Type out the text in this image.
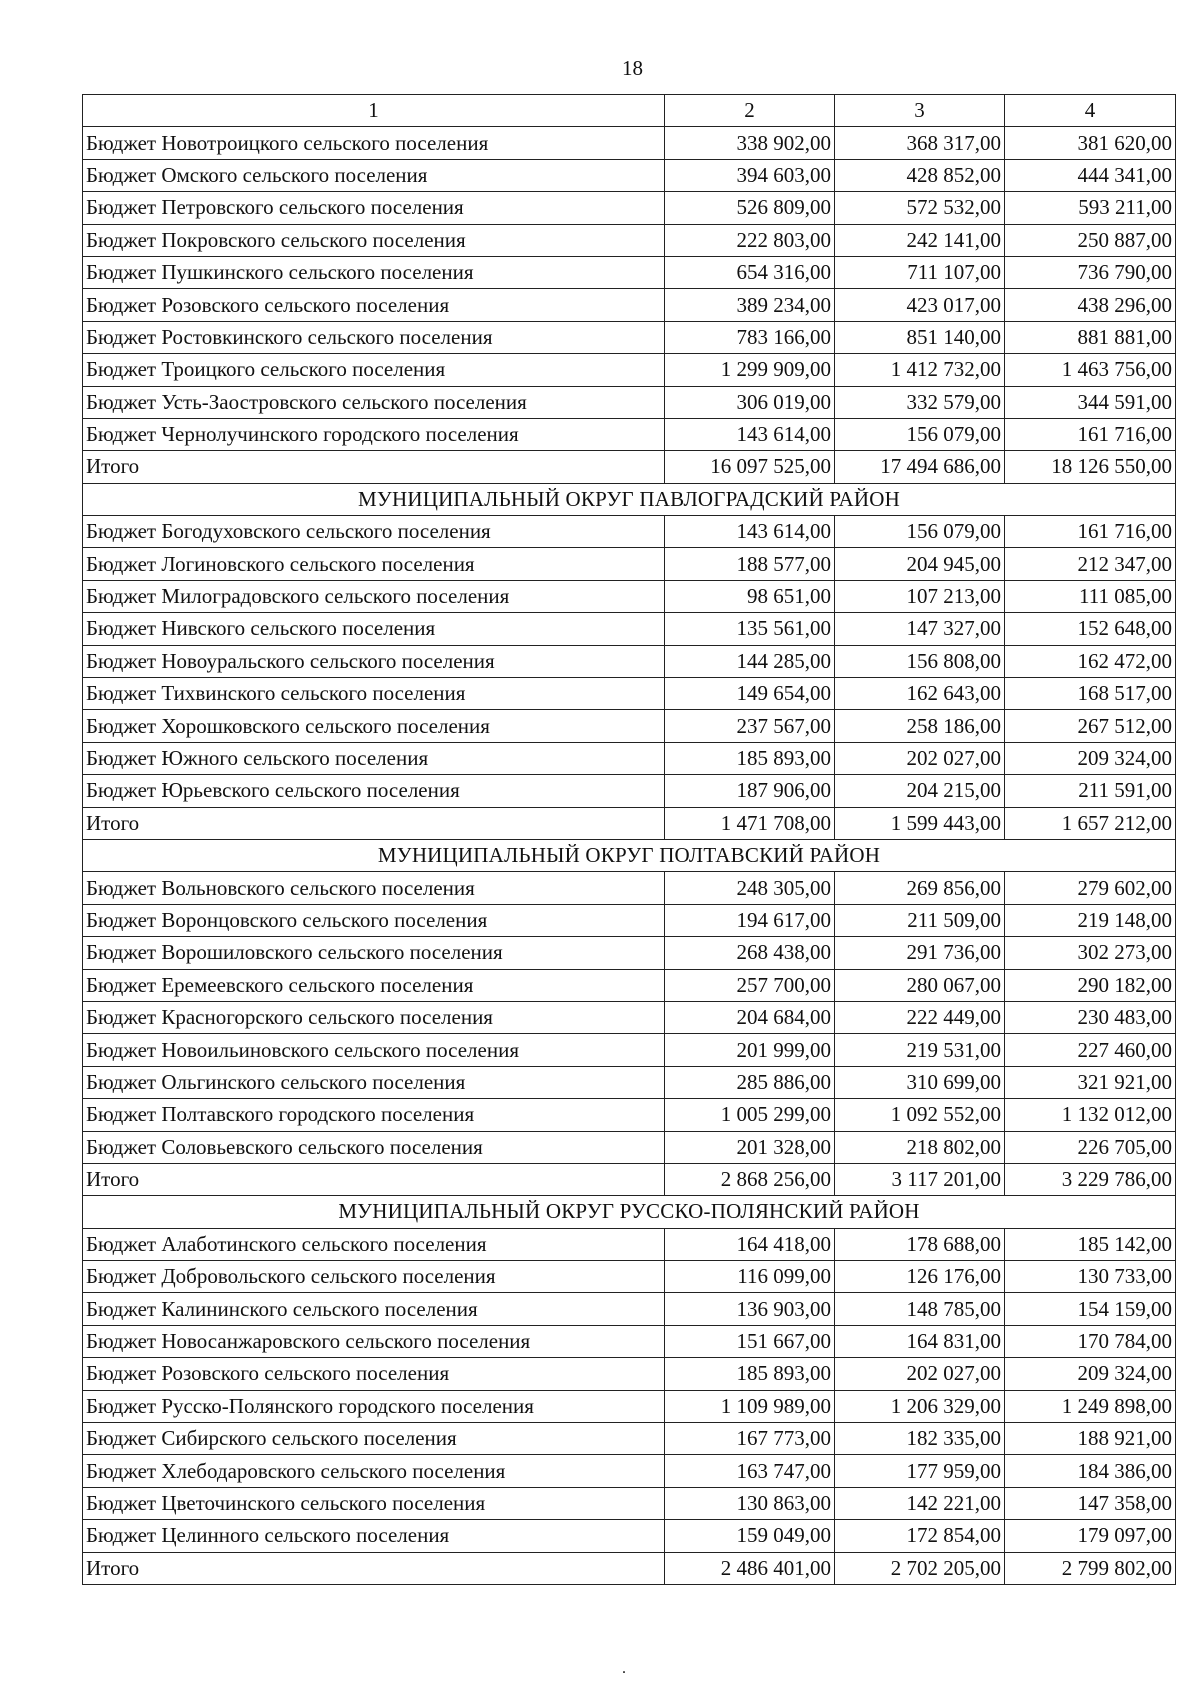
18
1	2	3	4
Бюджет Новотроицкого сельского поселения	338 902,00	368 317,00	381 620,00
Бюджет Омского сельского поселения	394 603,00	428 852,00	444 341,00
Бюджет Петровского сельского поселения	526 809,00	572 532,00	593 211,00
Бюджет Покровского сельского поселения	222 803,00	242 141,00	250 887,00
Бюджет Пушкинского сельского поселения	654 316,00	711 107,00	736 790,00
Бюджет Розовского сельского поселения	389 234,00	423 017,00	438 296,00
Бюджет Ростовкинского сельского поселения	783 166,00	851 140,00	881 881,00
Бюджет Троицкого сельского поселения	1 299 909,00	1 412 732,00	1 463 756,00
Бюджет Усть-Заостровского сельского поселения	306 019,00	332 579,00	344 591,00
Бюджет Чернолучинского городского поселения	143 614,00	156 079,00	161 716,00
Итого	16 097 525,00	17 494 686,00	18 126 550,00
МУНИЦИПАЛЬНЫЙ ОКРУГ ПАВЛОГРАДСКИЙ РАЙОН			
Бюджет Богодуховского сельского поселения	143 614,00	156 079,00	161 716,00
Бюджет Логиновского сельского поселения	188 577,00	204 945,00	212 347,00
Бюджет Милоградовского сельского поселения	98 651,00	107 213,00	111 085,00
Бюджет Нивского сельского поселения	135 561,00	147 327,00	152 648,00
Бюджет Новоуральского сельского поселения	144 285,00	156 808,00	162 472,00
Бюджет Тихвинского сельского поселения	149 654,00	162 643,00	168 517,00
Бюджет Хорошковского сельского поселения	237 567,00	258 186,00	267 512,00
Бюджет Южного сельского поселения	185 893,00	202 027,00	209 324,00
Бюджет Юрьевского сельского поселения	187 906,00	204 215,00	211 591,00
Итого	1 471 708,00	1 599 443,00	1 657 212,00
МУНИЦИПАЛЬНЫЙ ОКРУГ ПОЛТАВСКИЙ РАЙОН			
Бюджет Вольновского сельского поселения	248 305,00	269 856,00	279 602,00
Бюджет Воронцовского сельского поселения	194 617,00	211 509,00	219 148,00
Бюджет Ворошиловского сельского поселения	268 438,00	291 736,00	302 273,00
Бюджет Еремеевского сельского поселения	257 700,00	280 067,00	290 182,00
Бюджет Красногорского сельского поселения	204 684,00	222 449,00	230 483,00
Бюджет Новоильиновского сельского поселения	201 999,00	219 531,00	227 460,00
Бюджет Ольгинского сельского поселения	285 886,00	310 699,00	321 921,00
Бюджет Полтавского городского поселения	1 005 299,00	1 092 552,00	1 132 012,00
Бюджет Соловьевского сельского поселения	201 328,00	218 802,00	226 705,00
Итого	2 868 256,00	3 117 201,00	3 229 786,00
МУНИЦИПАЛЬНЫЙ ОКРУГ РУССКО-ПОЛЯНСКИЙ РАЙОН			
Бюджет Алаботинского сельского поселения	164 418,00	178 688,00	185 142,00
Бюджет Добровольского сельского поселения	116 099,00	126 176,00	130 733,00
Бюджет Калининского сельского поселения	136 903,00	148 785,00	154 159,00
Бюджет Новосанжаровского сельского поселения	151 667,00	164 831,00	170 784,00
Бюджет Розовского сельского поселения	185 893,00	202 027,00	209 324,00
Бюджет Русско-Полянского городского поселения	1 109 989,00	1 206 329,00	1 249 898,00
Бюджет Сибирского сельского поселения	167 773,00	182 335,00	188 921,00
Бюджет Хлебодаровского сельского поселения	163 747,00	177 959,00	184 386,00
Бюджет Цветочинского сельского поселения	130 863,00	142 221,00	147 358,00
Бюджет Целинного сельского поселения	159 049,00	172 854,00	179 097,00
Итого	2 486 401,00	2 702 205,00	2 799 802,00
.
